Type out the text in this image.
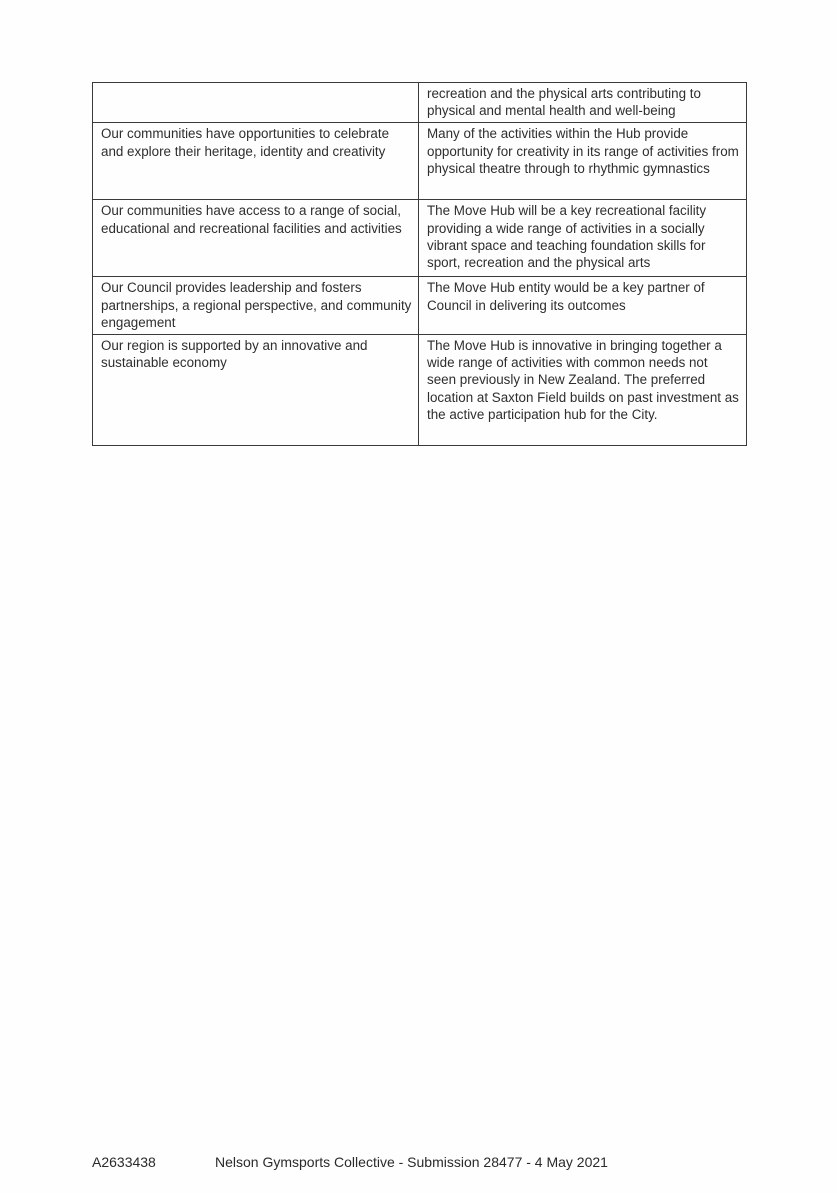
	recreation and the physical arts contributing to physical and mental health and well-being
Our communities have opportunities to celebrate and explore their heritage, identity and creativity	Many of the activities within the Hub provide opportunity for creativity in its range of activities from physical theatre through to rhythmic gymnastics
Our communities have access to a range of social, educational and recreational facilities and activities	The Move Hub will be a key recreational facility providing a wide range of activities in a socially vibrant space and teaching foundation skills for sport, recreation and the physical arts
Our Council provides leadership and fosters partnerships, a regional perspective, and community engagement	The Move Hub entity would be a key partner of Council in delivering its outcomes
Our region is supported by an innovative and sustainable economy	The Move Hub is innovative in bringing together a wide range of activities with common needs not seen previously in New Zealand. The preferred location at Saxton Field builds on past investment as the active participation hub for the City.
A2633438	Nelson Gymsports Collective - Submission 28477 - 4 May 2021
